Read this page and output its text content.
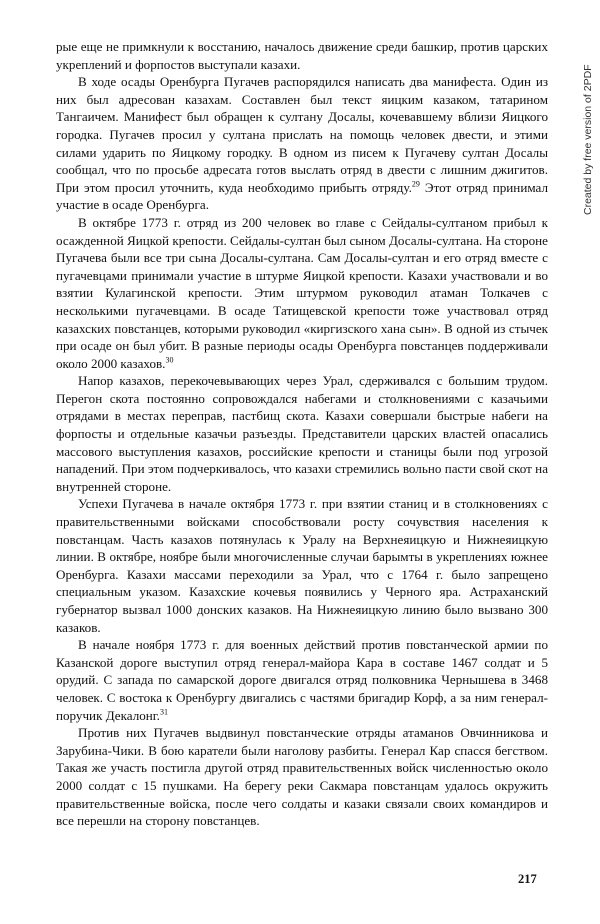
рые еще не примкнули к восстанию, началось движение среди башкир, против царских укреплений и форпостов выступали казахи.

В ходе осады Оренбурга Пугачев распорядился написать два манифеста. Один из них был адресован казахам. Составлен был текст яицким казаком, татарином Тангаичем. Манифест был обращен к султану Досалы, кочевавшему вблизи Яицкого городка. Пугачев просил у султана прислать на помощь человек двести, и этими силами ударить по Яицкому городку. В одном из писем к Пугачеву султан Досалы сообщал, что по просьбе адресата готов выслать отряд в двести с лишним джигитов. При этом просил уточнить, куда необходимо прибыть отряду.$^{29}$ Этот отряд принимал участие в осаде Оренбурга.

В октябре 1773 г. отряд из 200 человек во главе с Сейдалы-султаном прибыл к осажденной Яицкой крепости. Сейдалы-султан был сыном Досалы-султана. На стороне Пугачева были все три сына Досалы-султана. Сам Досалы-султан и его отряд вместе с пугачевцами принимали участие в штурме Яицкой крепости. Казахи участвовали и во взятии Кулагинской крепости. Этим штурмом руководил атаман Толкачев с несколькими пугачевцами. В осаде Татищевской крепости тоже участвовал отряд казахских повстанцев, которыми руководил «киргизского хана сын». В одной из стычек при осаде он был убит. В разные периоды осады Оренбурга повстанцев поддерживали около 2000 казахов.$^{30}$

Напор казахов, перекочевывающих через Урал, сдерживался с большим трудом. Перегон скота постоянно сопровождался набегами и столкновениями с казачьими отрядами в местах переправ, пастбищ скота. Казахи совершали быстрые набеги на форпосты и отдельные казачьи разъезды. Представители царских властей опасались массового выступления казахов, российские крепости и станицы были под угрозой нападений. При этом подчеркивалось, что казахи стремились вольно пасти свой скот на внутренней стороне.

Успехи Пугачева в начале октября 1773 г. при взятии станиц и в столкновениях с правительственными войсками способствовали росту сочувствия населения к повстанцам. Часть казахов потянулась к Уралу на Верхнеяицкую и Нижнеяицкую линии. В октябре, ноябре были многочисленные случаи барымты в укреплениях южнее Оренбурга. Казахи массами переходили за Урал, что с 1764 г. было запрещено специальным указом. Казахские кочевья появились у Черного яра. Астраханский губернатор вызвал 1000 донских казаков. На Нижнеяицкую линию было вызвано 300 казаков.

В начале ноября 1773 г. для военных действий против повстанческой армии по Казанской дороге выступил отряд генерал-майора Кара в составе 1467 солдат и 5 орудий. С запада по самарской дороге двигался отряд полковника Чернышева в 3468 человек. С востока к Оренбургу двигались с частями бригадир Корф, а за ним генерал-поручик Декалонг.$^{31}$

Против них Пугачев выдвинул повстанческие отряды атаманов Овчинникова и Зарубина-Чики. В бою каратели были наголову разбиты. Генерал Кар спасся бегством. Такая же участь постигла другой отряд правительственных войск численностью около 2000 солдат с 15 пушками. На берегу реки Сакмара повстанцам удалось окружить правительственные войска, после чего солдаты и казаки связали своих командиров и все перешли на сторону повстанцев.

Created by free version of 2PDF
217
